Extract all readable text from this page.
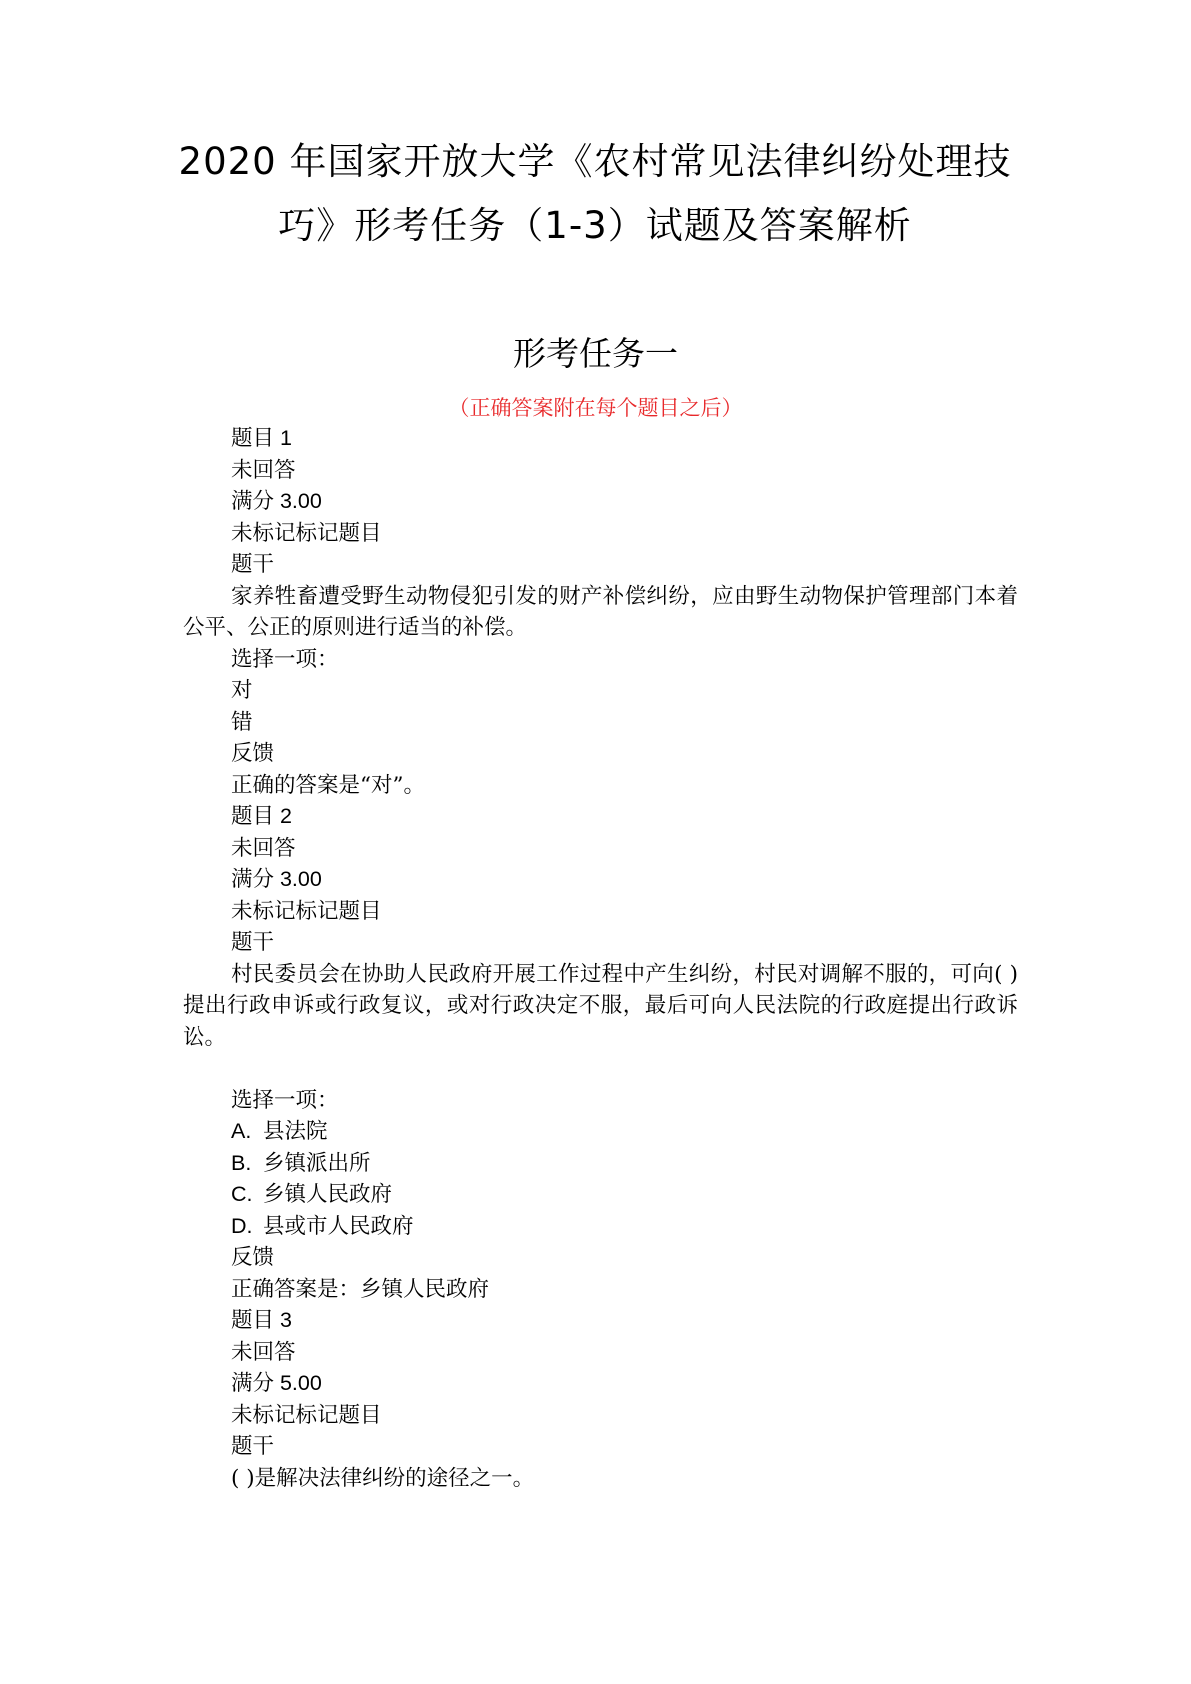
2020 年国家开放大学《农村常见法律纠纷处理技
巧》形考任务（1-3）试题及答案解析
形考任务一
（正确答案附在每个题目之后）
题目 1
未回答
满分 3.00
未标记标记题目
题干
家养牲畜遭受野生动物侵犯引发的财产补偿纠纷，应由野生动物保护管理部门本着公平、公正的原则进行适当的补偿。
选择一项：
对
错
反馈
正确的答案是“对”。
题目 2
未回答
满分 3.00
未标记标记题目
题干
村民委员会在协助人民政府开展工作过程中产生纠纷，村民对调解不服的，可向( )提出行政申诉或行政复议，或对行政决定不服，最后可向人民法院的行政庭提出行政诉讼。
选择一项：
A. 县法院
B. 乡镇派出所
C. 乡镇人民政府
D. 县或市人民政府
反馈
正确答案是：乡镇人民政府
题目 3
未回答
满分 5.00
未标记标记题目
题干
( )是解决法律纠纷的途径之一。
